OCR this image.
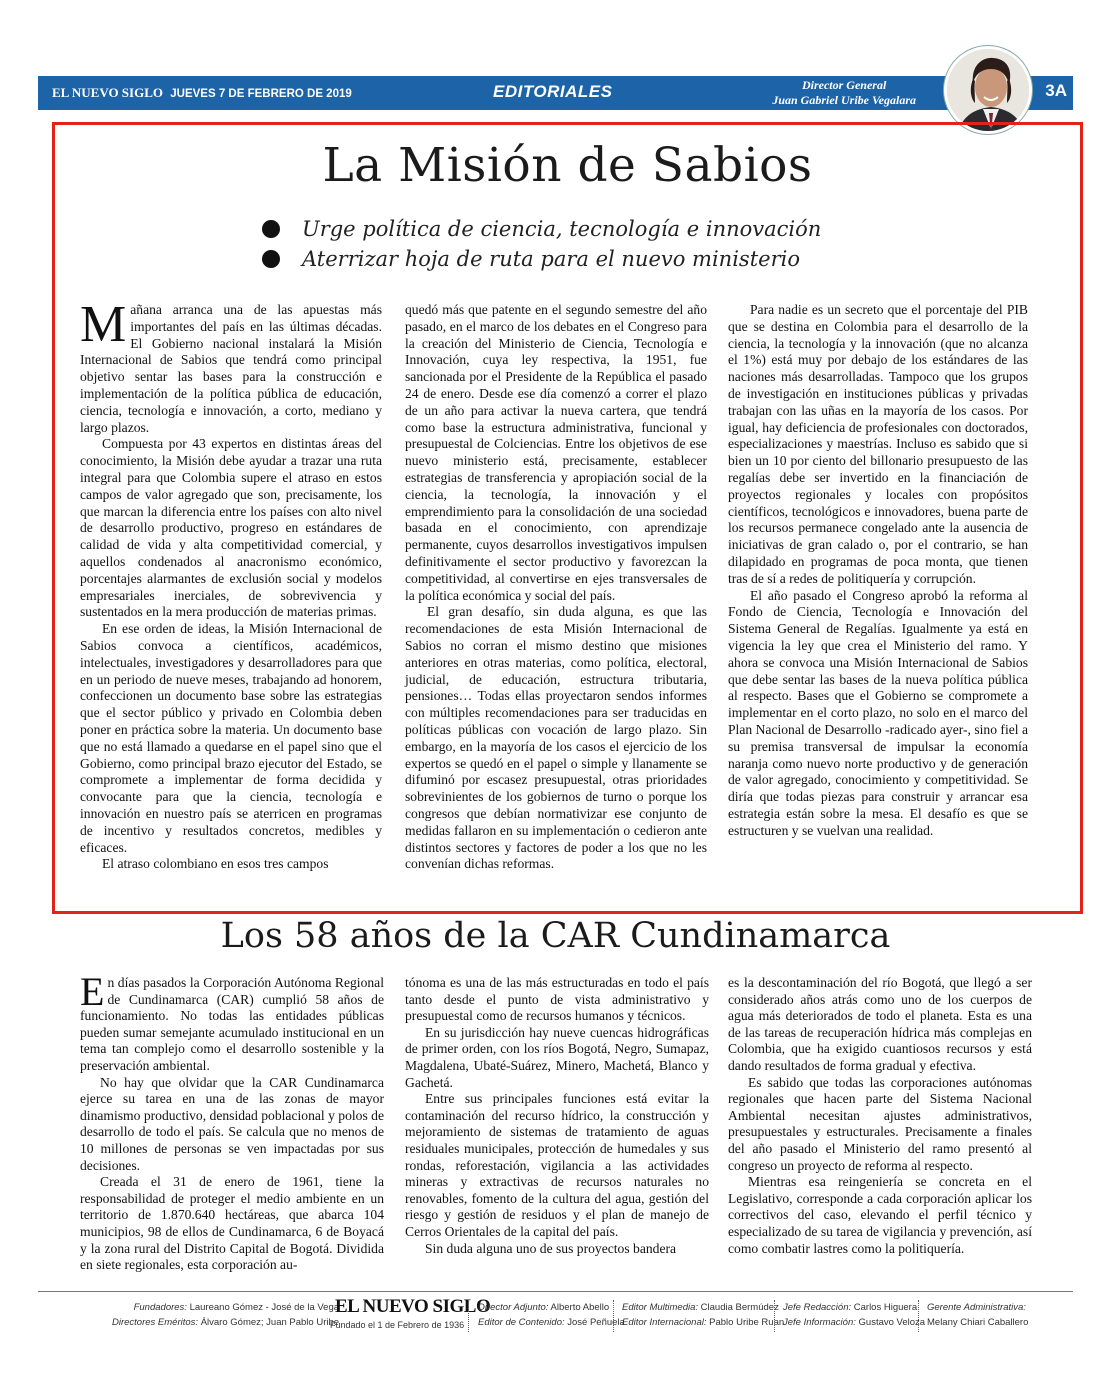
EL NUEVO SIGLO JUEVES 7 DE FEBRERO DE 2019	EDITORIALES	Director General
Juan Gabriel Uribe Vegalara	3A
La Misión de Sabios
Urge política de ciencia, tecnología e innovación
Aterrizar hoja de ruta para el nuevo ministerio

Mañana arranca una de las apuestas más importantes del país en las últimas décadas. El Gobierno nacional instalará la Misión Internacional de Sabios que tendrá como principal objetivo sentar las bases para la construcción e implementación de la política pública de educación, ciencia, tecnología e innovación, a corto, mediano y largo plazos.

Compuesta por 43 expertos en distintas áreas del conocimiento, la Misión debe ayudar a trazar una ruta integral para que Colombia supere el atraso en estos campos de valor agregado que son, precisamente, los que marcan la diferencia entre los países con alto nivel de desarrollo productivo, progreso en estándares de calidad de vida y alta competitividad comercial, y aquellos condenados al anacronismo económico, porcentajes alarmantes de exclusión social y modelos empresariales inerciales, de sobrevivencia y sustentados en la mera producción de materias primas.

En ese orden de ideas, la Misión Internacional de Sabios convoca a científicos, académicos, intelectuales, investigadores y desarrolladores para que en un periodo de nueve meses, trabajando ad honorem, confeccionen un documento base sobre las estrategias que el sector público y privado en Colombia deben poner en práctica sobre la materia. Un documento base que no está llamado a quedarse en el papel sino que el Gobierno, como principal brazo ejecutor del Estado, se compromete a implementar de forma decidida y convocante para que la ciencia, tecnología e innovación en nuestro país se aterricen en programas de incentivo y resultados concretos, medibles y eficaces.

El atraso colombiano en esos tres campos

quedó más que patente en el segundo semestre del año pasado, en el marco de los debates en el Congreso para la creación del Ministerio de Ciencia, Tecnología e Innovación, cuya ley respectiva, la 1951, fue sancionada por el Presidente de la República el pasado 24 de enero. Desde ese día comenzó a correr el plazo de un año para activar la nueva cartera, que tendrá como base la estructura administrativa, funcional y presupuestal de Colciencias. Entre los objetivos de ese nuevo ministerio está, precisamente, establecer estrategias de transferencia y apropiación social de la ciencia, la tecnología, la innovación y el emprendimiento para la consolidación de una sociedad basada en el conocimiento, con aprendizaje permanente, cuyos desarrollos investigativos impulsen definitivamente el sector productivo y favorezcan la competitividad, al convertirse en ejes transversales de la política económica y social del país.

El gran desafío, sin duda alguna, es que las recomendaciones de esta Misión Internacional de Sabios no corran el mismo destino que misiones anteriores en otras materias, como política, electoral, judicial, de educación, estructura tributaria, pensiones… Todas ellas proyectaron sendos informes con múltiples recomendaciones para ser traducidas en políticas públicas con vocación de largo plazo. Sin embargo, en la mayoría de los casos el ejercicio de los expertos se quedó en el papel o simple y llanamente se difuminó por escasez presupuestal, otras prioridades sobrevinientes de los gobiernos de turno o porque los congresos que debían normativizar ese conjunto de medidas fallaron en su implementación o cedieron ante distintos sectores y factores de poder a los que no les convenían dichas reformas.

Para nadie es un secreto que el porcentaje del PIB que se destina en Colombia para el desarrollo de la ciencia, la tecnología y la innovación (que no alcanza el 1%) está muy por debajo de los estándares de las naciones más desarrolladas. Tampoco que los grupos de investigación en instituciones públicas y privadas trabajan con las uñas en la mayoría de los casos. Por igual, hay deficiencia de profesionales con doctorados, especializaciones y maestrías. Incluso es sabido que si bien un 10 por ciento del billonario presupuesto de las regalías debe ser invertido en la financiación de proyectos regionales y locales con propósitos científicos, tecnológicos e innovadores, buena parte de los recursos permanece congelado ante la ausencia de iniciativas de gran calado o, por el contrario, se han dilapidado en programas de poca monta, que tienen tras de sí a redes de politiquería y corrupción.

El año pasado el Congreso aprobó la reforma al Fondo de Ciencia, Tecnología e Innovación del Sistema General de Regalías. Igualmente ya está en vigencia la ley que crea el Ministerio del ramo. Y ahora se convoca una Misión Internacional de Sabios que debe sentar las bases de la nueva política pública al respecto. Bases que el Gobierno se compromete a implementar en el corto plazo, no solo en el marco del Plan Nacional de Desarrollo -radicado ayer-, sino fiel a su premisa transversal de impulsar la economía naranja como nuevo norte productivo y de generación de valor agregado, conocimiento y competitividad. Se diría que todas piezas para construir y arrancar esa estrategia están sobre la mesa. El desafío es que se estructuren y se vuelvan una realidad.

Los 58 años de la CAR Cundinamarca

En días pasados la Corporación Autónoma Regional de Cundinamarca (CAR) cumplió 58 años de funcionamiento. No todas las entidades públicas pueden sumar semejante acumulado institucional en un tema tan complejo como el desarrollo sostenible y la preservación ambiental.

No hay que olvidar que la CAR Cundinamarca ejerce su tarea en una de las zonas de mayor dinamismo productivo, densidad poblacional y polos de desarrollo de todo el país. Se calcula que no menos de 10 millones de personas se ven impactadas por sus decisiones.

Creada el 31 de enero de 1961, tiene la responsabilidad de proteger el medio ambiente en un territorio de 1.870.640 hectáreas, que abarca 104 municipios, 98 de ellos de Cundinamarca, 6 de Boyacá y la zona rural del Distrito Capital de Bogotá. Dividida en siete regionales, esta corporación au-

tónoma es una de las más estructuradas en todo el país tanto desde el punto de vista administrativo y presupuestal como de recursos humanos y técnicos.

En su jurisdicción hay nueve cuencas hidrográficas de primer orden, con los ríos Bogotá, Negro, Sumapaz, Magdalena, Ubaté-Suárez, Minero, Machetá, Blanco y Gachetá.

Entre sus principales funciones está evitar la contaminación del recurso hídrico, la construcción y mejoramiento de sistemas de tratamiento de aguas residuales municipales, protección de humedales y sus rondas, reforestación, vigilancia a las actividades mineras y extractivas de recursos naturales no renovables, fomento de la cultura del agua, gestión del riesgo y gestión de residuos y el plan de manejo de Cerros Orientales de la capital del país.

Sin duda alguna uno de sus proyectos bandera

es la descontaminación del río Bogotá, que llegó a ser considerado años atrás como uno de los cuerpos de agua más deteriorados de todo el planeta. Esta es una de las tareas de recuperación hídrica más complejas en Colombia, que ha exigido cuantiosos recursos y está dando resultados de forma gradual y efectiva.

Es sabido que todas las corporaciones autónomas regionales que hacen parte del Sistema Nacional Ambiental necesitan ajustes administrativos, presupuestales y estructurales. Precisamente a finales del año pasado el Ministerio del ramo presentó al congreso un proyecto de reforma al respecto.

Mientras esa reingeniería se concreta en el Legislativo, corresponde a cada corporación aplicar los correctivos del caso, elevando el perfil técnico y especializado de su tarea de vigilancia y prevención, así como combatir lastres como la politiquería.

Fundadores: Laureano Gómez - José de la Vega
Directores Eméritos: Álvaro Gómez; Juan Pablo Uribe
EL NUEVO SIGLO
Fundado el 1 de Febrero de 1936
Director Adjunto: Alberto Abello
Editor de Contenido: José Peñuela
Editor Multimedia: Claudia Bermúdez
Editor Internacional: Pablo Uribe Ruan
Jefe Redacción: Carlos Higuera
Jefe Información: Gustavo Veloza
Gerente Administrativa:
Melany Chiari Caballero
